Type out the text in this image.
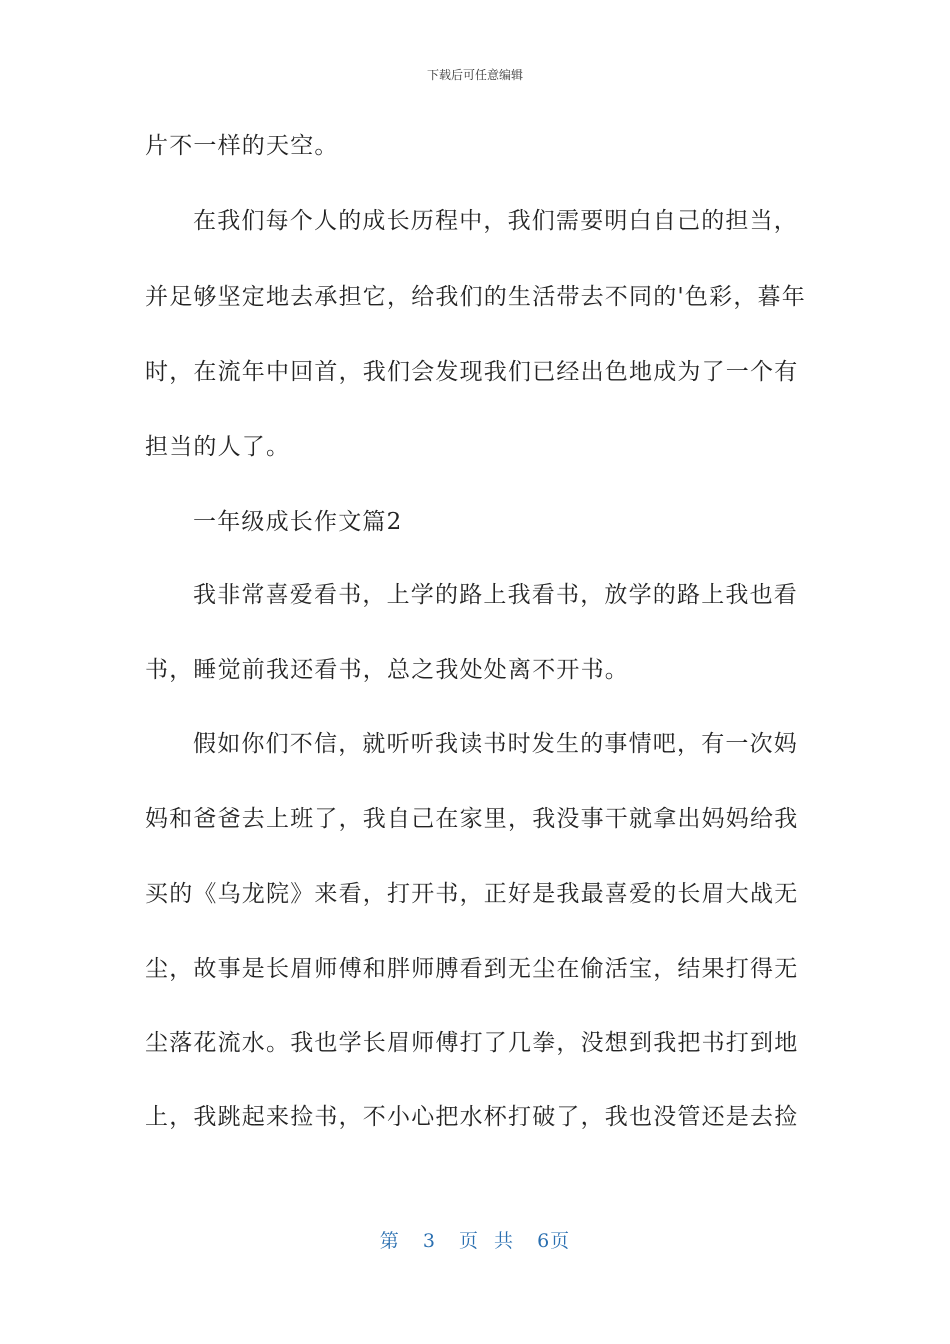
下载后可任意编辑
片不一样的天空。
在我们每个人的成长历程中，我们需要明白自己的担当，
并足够坚定地去承担它，给我们的生活带去不同的'色彩，暮年
时，在流年中回首，我们会发现我们已经出色地成为了一个有
担当的人了。
一年级成长作文篇2
我非常喜爱看书，上学的路上我看书，放学的路上我也看
书，睡觉前我还看书，总之我处处离不开书。
假如你们不信，就听听我读书时发生的事情吧，有一次妈
妈和爸爸去上班了，我自己在家里，我没事干就拿出妈妈给我
买的《乌龙院》来看，打开书，正好是我最喜爱的长眉大战无
尘，故事是长眉师傅和胖师膊看到无尘在偷活宝，结果打得无
尘落花流水。我也学长眉师傅打了几拳，没想到我把书打到地
上，我跳起来捡书，不小心把水杯打破了，我也没管还是去捡
第 3 页 共 6页
